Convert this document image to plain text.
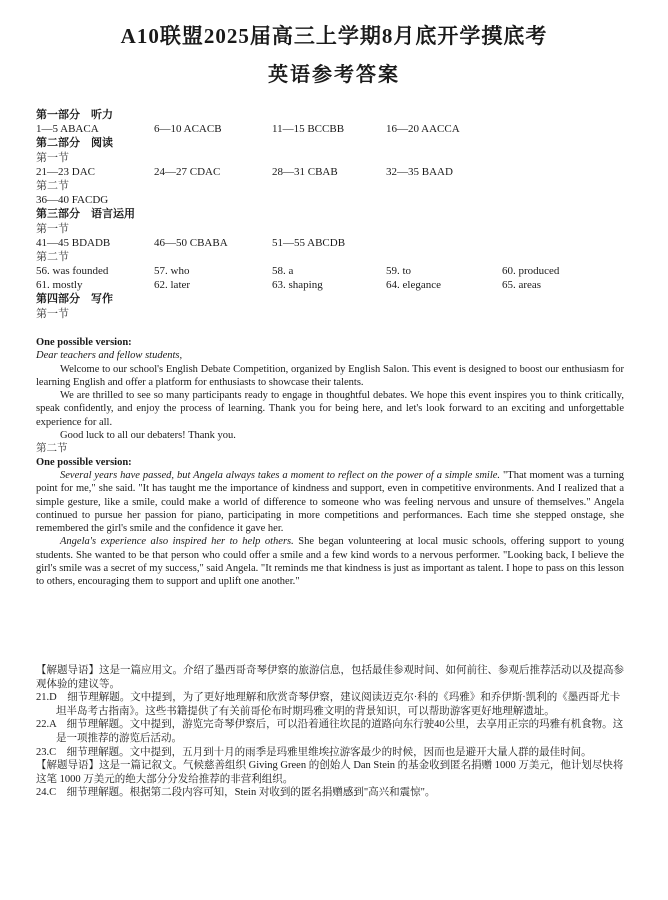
A10联盟2025届高三上学期8月底开学摸底考
英语参考答案
第一部分　听力
1—5 ABACA	6—10 ACACB	11—15 BCCBB	16—20 AACCA
第二部分　阅读
第一节
21—23 DAC	24—27 CDAC	28—31 CBAB	32—35 BAAD
第二节
36—40 FACDG
第三部分　语言运用
第一节
41—45 BDADB	46—50 CBABA	51—55 ABCDB
第二节
56. was founded	57. who	58. a	59. to	60. produced
61. mostly	62. later	63. shaping	64. elegance	65. areas
第四部分　写作
第一节

One possible version:

Dear teachers and fellow students,

Welcome to our school's English Debate Competition, organized by English Salon. This event is designed to boost our enthusiasm for learning English and offer a platform for enthusiasts to showcase their talents.

We are thrilled to see so many participants ready to engage in thoughtful debates. We hope this event inspires you to think critically, speak confidently, and enjoy the process of learning. Thank you for being here, and let's look forward to an exciting and unforgettable experience for all.

Good luck to all our debaters! Thank you.

第二节

One possible version:

Several years have passed, but Angela always takes a moment to reflect on the power of a simple smile. "That moment was a turning point for me," she said. "It has taught me the importance of kindness and support, even in competitive environments. And I realized that a simple gesture, like a smile, could make a world of difference to someone who was feeling nervous and unsure of themselves." Angela continued to pursue her passion for piano, participating in more competitions and performances. Each time she stepped onstage, she remembered the girl's smile and the confidence it gave her.

Angela's experience also inspired her to help others. She began volunteering at local music schools, offering support to young students. She wanted to be that person who could offer a smile and a few kind words to a nervous performer. "Looking back, I believe the girl's smile was a secret of my success," said Angela. "It reminds me that kindness is just as important as talent. I hope to pass on this lesson to others, encouraging them to support and uplift one another."

【解题导语】这是一篇应用文。介绍了墨西哥奇琴伊察的旅游信息，包括最佳参观时间、如何前往、参观后推荐活动以及提高参观体验的建议等。

21.D　细节理解题。文中提到，为了更好地理解和欣赏奇琴伊察，建议阅读迈克尔·科的《玛雅》和乔伊斯·凯利的《墨西哥尤卡坦半岛考古指南》。这些书籍提供了有关前哥伦布时期玛雅文明的背景知识，可以帮助游客更好地理解遗址。

22.A　细节理解题。文中提到，游览完奇琴伊察后，可以沿着通往坎昆的道路向东行驶40公里，去享用正宗的玛雅有机食物。这是一项推荐的游览后活动。

23.C　细节理解题。文中提到，五月到十月的雨季是玛雅里维埃拉游客最少的时候，因而也是避开大量人群的最佳时间。

【解题导语】这是一篇记叙文。气候慈善组织 Giving Green 的创始人 Dan Stein 的基金收到匿名捐赠 1000 万美元，他计划尽快将这笔 1000 万美元的绝大部分分发给推荐的非营利组织。

24.C　细节理解题。根据第二段内容可知，Stein 对收到的匿名捐赠感到"高兴和震惊"。
